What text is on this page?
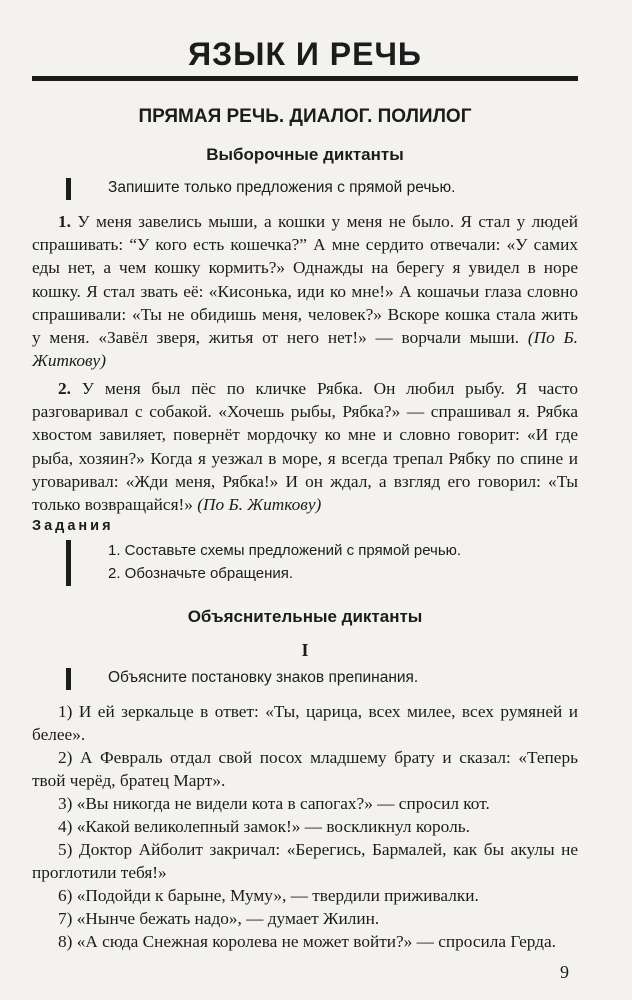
ЯЗЫК И РЕЧЬ
ПРЯМАЯ РЕЧЬ. ДИАЛОГ. ПОЛИЛОГ
Выборочные диктанты
Запишите только предложения с прямой речью.
1. У меня завелись мыши, а кошки у меня не было. Я стал у людей спрашивать: “У кого есть кошечка?” А мне сердито отвечали: «У самих еды нет, а чем кошку кормить?» Однажды на берегу я увидел в норе кошку. Я стал звать её: «Кисонька, иди ко мне!» А кошачьи глаза словно спрашивали: «Ты не обидишь меня, человек?» Вскоре кошка стала жить у меня. «Завёл зверя, житья от него нет!» — ворчали мыши. (По Б. Житкову)
2. У меня был пёс по кличке Рябка. Он любил рыбу. Я часто разговаривал с собакой. «Хочешь рыбы, Рябка?» — спрашивал я. Рябка хвостом завиляет, повернёт мордочку ко мне и словно говорит: «И где рыба, хозяин?» Когда я уезжал в море, я всегда трепал Рябку по спине и уговаривал: «Жди меня, Рябка!» И он ждал, а взгляд его говорил: «Ты только возвращайся!» (По Б. Житкову)
Задания
1. Составьте схемы предложений с прямой речью.
2. Обозначьте обращения.
Объяснительные диктанты
I
Объясните постановку знаков препинания.
1) И ей зеркальце в ответ: «Ты, царица, всех милее, всех румяней и белее».
2) А Февраль отдал свой посох младшему брату и сказал: «Теперь твой черёд, братец Март».
3) «Вы никогда не видели кота в сапогах?» — спросил кот.
4) «Какой великолепный замок!» — воскликнул король.
5) Доктор Айболит закричал: «Берегись, Бармалей, как бы акулы не проглотили тебя!»
6) «Подойди к барыне, Муму», — твердили приживалки.
7) «Нынче бежать надо», — думает Жилин.
8) «А сюда Снежная королева не может войти?» — спросила Герда.
9
